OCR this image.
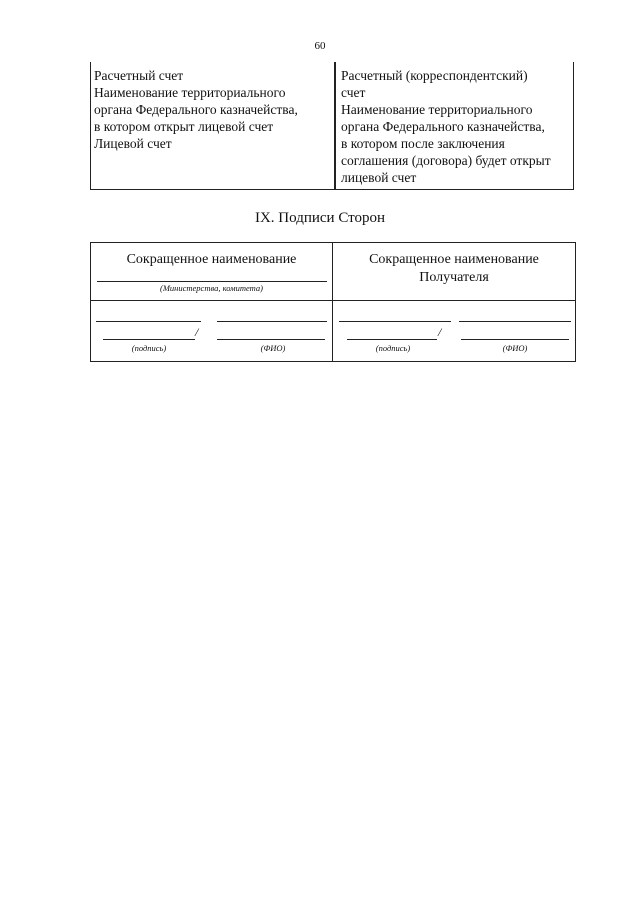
60
Расчетный счет
Наименование территориального
органа Федерального казначейства,
в котором открыт лицевой счет
Лицевой счет
Расчетный (корреспондентский)
счет
Наименование территориального
органа Федерального казначейства,
в котором после заключения
соглашения (договора) будет открыт
лицевой счет
IX. Подписи Сторон
Сокращенное наименование
(Министерства, комитета)
Сокращенное наименование
Получателя
/
(подпись)	(ФИО)
/
(подпись)	(ФИО)
